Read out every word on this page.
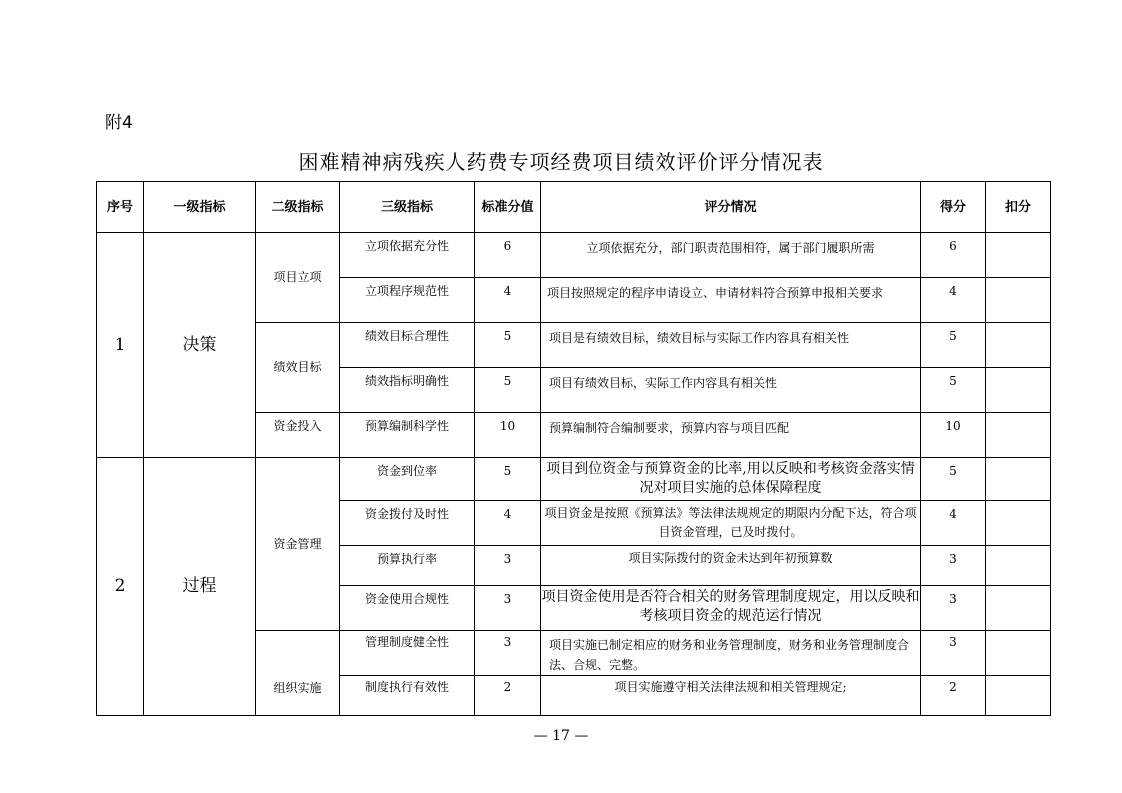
附4
困难精神病残疾人药费专项经费项目绩效评价评分情况表
序号	一级指标	二级指标	三级指标	标准分值	评分情况	得分	扣分
1	决策	项目立项	立项依据充分性	6	立项依据充分，部门职责范围相符，属于部门履职所需	6	
			立项程序规范性	4	项目按照规定的程序申请设立、申请材料符合预算申报相关要求	4	
		绩效目标	绩效目标合理性	5	项目是有绩效目标，绩效目标与实际工作内容具有相关性	5	
			绩效指标明确性	5	项目有绩效目标，实际工作内容具有相关性	5	
		资金投入	预算编制科学性	10	预算编制符合编制要求，预算内容与项目匹配	10	
2	过程	资金管理	资金到位率	5	项目到位资金与预算资金的比率,用以反映和考核资金落实情况对项目实施的总体保障程度	5	
			资金拨付及时性	4	项目资金是按照《预算法》等法律法规规定的期限内分配下达，符合项目资金管理，已及时拨付。	4	
			预算执行率	3	项目实际拨付的资金未达到年初预算数	3	
			资金使用合规性	3	项目资金使用是否符合相关的财务管理制度规定，用以反映和考核项目资金的规范运行情况	3	
		组织实施	管理制度健全性	3	项目实施已制定相应的财务和业务管理制度，财务和业务管理制度合法、合规、完整。	3	
			制度执行有效性	2	项目实施遵守相关法律法规和相关管理规定;	2	
— 17 —
